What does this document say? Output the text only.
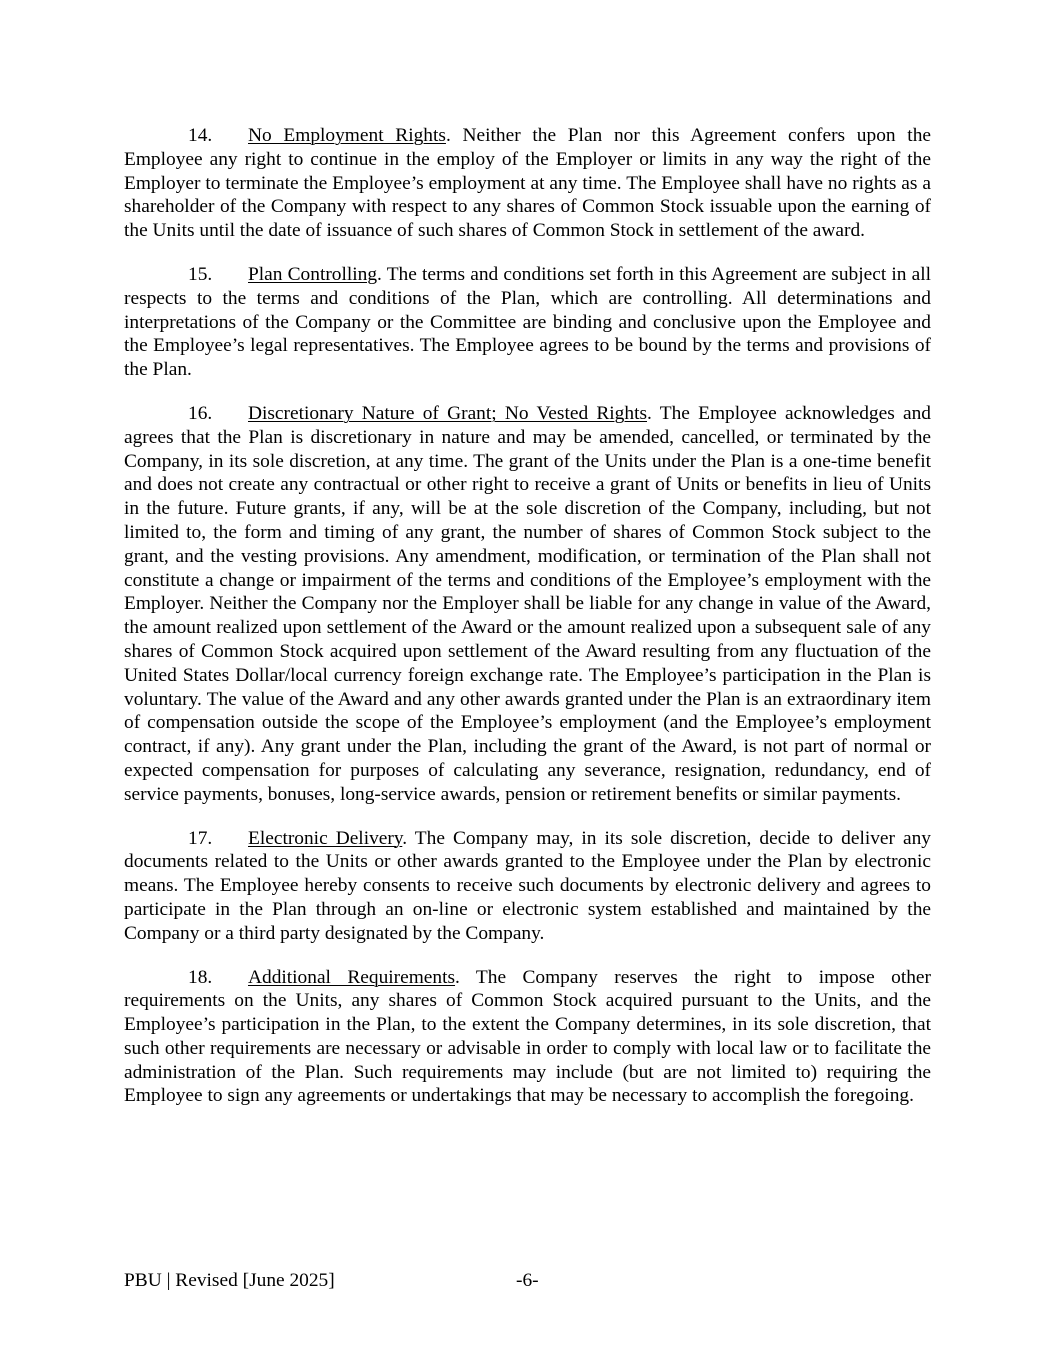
14. No Employment Rights. Neither the Plan nor this Agreement confers upon the Employee any right to continue in the employ of the Employer or limits in any way the right of the Employer to terminate the Employee’s employment at any time. The Employee shall have no rights as a shareholder of the Company with respect to any shares of Common Stock issuable upon the earning of the Units until the date of issuance of such shares of Common Stock in settlement of the award.

15. Plan Controlling. The terms and conditions set forth in this Agreement are subject in all respects to the terms and conditions of the Plan, which are controlling. All determinations and interpretations of the Company or the Committee are binding and conclusive upon the Employee and the Employee’s legal representatives. The Employee agrees to be bound by the terms and provisions of the Plan.

16. Discretionary Nature of Grant; No Vested Rights. The Employee acknowledges and agrees that the Plan is discretionary in nature and may be amended, cancelled, or terminated by the Company, in its sole discretion, at any time. The grant of the Units under the Plan is a one-time benefit and does not create any contractual or other right to receive a grant of Units or benefits in lieu of Units in the future. Future grants, if any, will be at the sole discretion of the Company, including, but not limited to, the form and timing of any grant, the number of shares of Common Stock subject to the grant, and the vesting provisions. Any amendment, modification, or termination of the Plan shall not constitute a change or impairment of the terms and conditions of the Employee’s employment with the Employer. Neither the Company nor the Employer shall be liable for any change in value of the Award, the amount realized upon settlement of the Award or the amount realized upon a subsequent sale of any shares of Common Stock acquired upon settlement of the Award resulting from any fluctuation of the United States Dollar/local currency foreign exchange rate. The Employee’s participation in the Plan is voluntary. The value of the Award and any other awards granted under the Plan is an extraordinary item of compensation outside the scope of the Employee’s employment (and the Employee’s employment contract, if any). Any grant under the Plan, including the grant of the Award, is not part of normal or expected compensation for purposes of calculating any severance, resignation, redundancy, end of service payments, bonuses, long-service awards, pension or retirement benefits or similar payments.

17. Electronic Delivery. The Company may, in its sole discretion, decide to deliver any documents related to the Units or other awards granted to the Employee under the Plan by electronic means. The Employee hereby consents to receive such documents by electronic delivery and agrees to participate in the Plan through an on-line or electronic system established and maintained by the Company or a third party designated by the Company.

18. Additional Requirements. The Company reserves the right to impose other requirements on the Units, any shares of Common Stock acquired pursuant to the Units, and the Employee’s participation in the Plan, to the extent the Company determines, in its sole discretion, that such other requirements are necessary or advisable in order to comply with local law or to facilitate the administration of the Plan. Such requirements may include (but are not limited to) requiring the Employee to sign any agreements or undertakings that may be necessary to accomplish the foregoing.

PBU | Revised [June 2025]	-6-
